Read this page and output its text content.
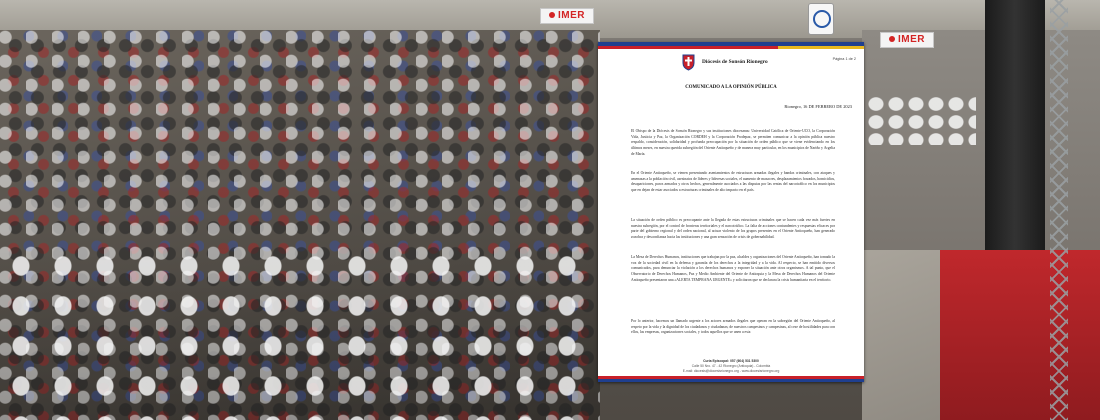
IMER
IMER
Diócesis de Sonsón Rionegro	Página 1 de 2
COMUNICADO A LA OPINIÓN PÚBLICA
Rionegro, 16 DE FEBRERO DE 2023

El Obispo de la Diócesis de Sonsón Rionegro y sus instituciones diocesanas: Universidad Católica de Oriente-UCO, la Corporación Vida, Justicia y Paz, la Organización CORDEH y la Corporación Prodepaz, se permiten comunicar a la opinión pública nuestro respaldo, consideración, solidaridad y profunda preocupación por la situación de orden público que se viene evidenciando en los últimos meses, en nuestra querida subregión del Oriente Antioqueño y de manera muy particular, en los municipios de Nariño y Argelia de María.

En el Oriente Antioqueño, se vienen presentando asentamientos de estructuras armadas ilegales y bandas criminales, con ataques y amenazas a la población civil, asesinatos de líderes y lideresas sociales, el aumento de masacres, desplazamientos forzados, homicidios, desapariciones, paros armados y otros hechos, generalmente asociados a las disputas por las rentas del narcotráfico en los municipios que en dejan de estar asociados a estructuras criminales de alto impacto en el país.

La situación de orden público es preocupante ante la llegada de estas estructuras criminales que se hacen cada vez más fuertes en nuestra subregión, por el control de fronteras territoriales y el narcotráfico. La falta de acciones contundentes y respuestas eficaces por parte del gobierno regional y del orden nacional, al actuar violento de los grupos presentes en el Oriente Antioqueño, han generado zozobra y desconfianza hacia las instituciones y una gran sensación de crisis de gobernabilidad.

La Mesa de Derechos Humanos, instituciones que trabajan por la paz, alcaldes y organizaciones del Oriente Antioqueño, han tomado la voz de la sociedad civil en la defensa y garantía de los derechos a la integridad y a la vida. Al respecto, se han emitido diversos comunicados, para denunciar la violación a los derechos humanos y exponer la situación ante otros organismos. A tal punto, que el Observatorio de Derechos Humanos, Paz y Medio Ambiente del Oriente de Antioquia y la Mesa de Derechos Humanos del Oriente Antioqueño presentaron una «ALERTA TEMPRANA URGENTE» y solicitaron que se declarara la crisis humanitaria en el territorio.

Por lo anterior, hacemos un llamado urgente a los actores armados ilegales que operan en la subregión del Oriente Antioqueño, al respeto por la vida y la dignidad de los ciudadanos y ciudadanas; de nuestros campesinos y campesinas, al cese de hostilidades para con ellos, las empresas, organizaciones sociales, y todos aquellos que se unen a esta

Curia Episcopal: 057 (604) 531 5300
Calle 50 Nro. 47 - 42 Rionegro (Antioquia) - Colombia
E-mail: diocesis@diocesisrionegro.org - www.diocesisrionegro.org
